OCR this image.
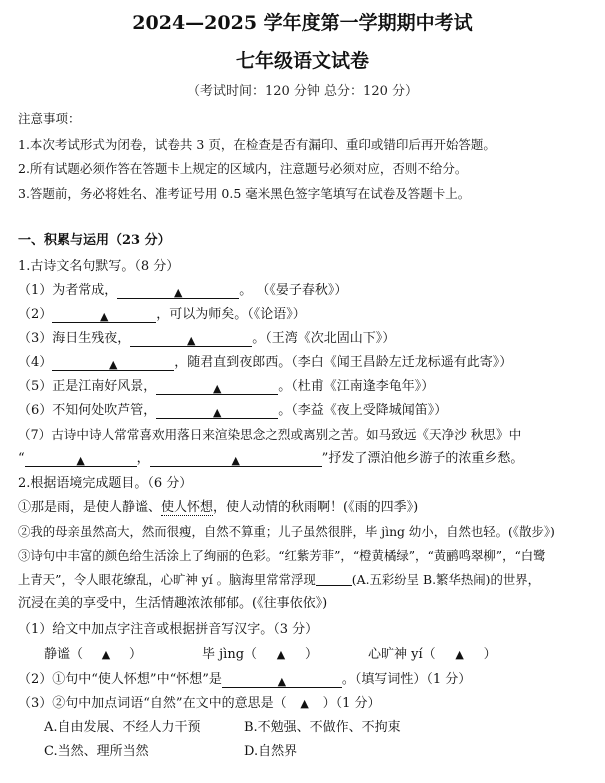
2024—2025 学年度第一学期期中考试
七年级语文试卷
（考试时间：120 分钟 总分：120 分）
注意事项：
1.本次考试形式为闭卷，试卷共 3 页，在检查是否有漏印、重印或错印后再开始答题。
2.所有试题必须作答在答题卡上规定的区域内，注意题号必须对应，否则不给分。
3.答题前，务必将姓名、准考证号用 0.5 毫米黑色签字笔填写在试卷及答题卡上。
一、积累与运用（23 分）
1.古诗文名句默写。（8 分）
（1）为者常成，	▲	。 （《晏子春秋》）
（2）	▲	，可以为师矣。（《论语》）
（3）海日生残夜，	▲	。（王湾《次北固山下》）
（4）	▲	，随君直到夜郎西。（李白《闻王昌龄左迁龙标遥有此寄》）
（5）正是江南好风景，	▲	。（杜甫《江南逢李龟年》）
（6）不知何处吹芦管，	▲	。（李益《夜上受降城闻笛》）
（7）古诗中诗人常常喜欢用落日来渲染思念之烈或离别之苦。如马致远《天净沙 秋思》中
“	▲	，	▲	”抒发了漂泊他乡游子的浓重乡愁。
2.根据语境完成题目。（6 分）
①那是雨，是使人静谧、使人怀想，使人动情的秋雨啊！(《雨的四季》)
②我的母亲虽然高大，然而很瘦，自然不算重；儿子虽然很胖，毕 jìng 幼小，自然也轻。(《散步》)
③诗句中丰富的颜色给生活涂上了绚丽的色彩。“红紫芳菲”，“橙黄橘绿”，“黄鹂鸣翠柳”，“白鹭
上青天”，令人眼花缭乱，心旷神 yí 。脑海里常常浮现	(A.五彩纷呈 B.繁华热闹)的世界，
沉浸在美的享受中，生活情趣浓浓郁郁。(《往事依依》)
（1）给文中加点字注音或根据拼音写汉字。（3 分）
静谧（ ▲ ）	毕 jìng（ ▲ ）	心旷神 yí（ ▲ ）
（2）①句中“使人怀想”中“怀想”是	▲	。（填写词性）（1 分）
（3）②句中加点词语“自然”在文中的意思是（ ▲ ）（1 分）
A.自由发展、不经人力干预	B.不勉强、不做作、不拘束
C.当然、理所当然	D.自然界
